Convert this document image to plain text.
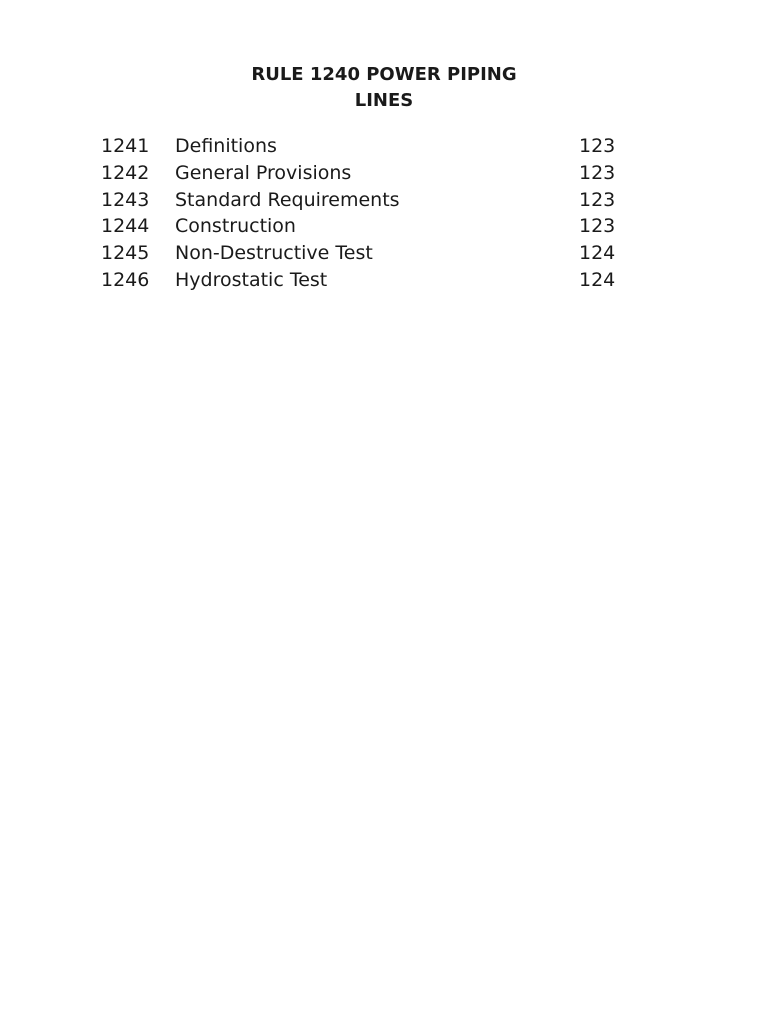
RULE 1240 POWER PIPING
LINES
1241 Definitions	123
1242 General Provisions	123
1243 Standard Requirements	123
1244 Construction	123
1245 Non-Destructive Test	124
1246 Hydrostatic Test	124
